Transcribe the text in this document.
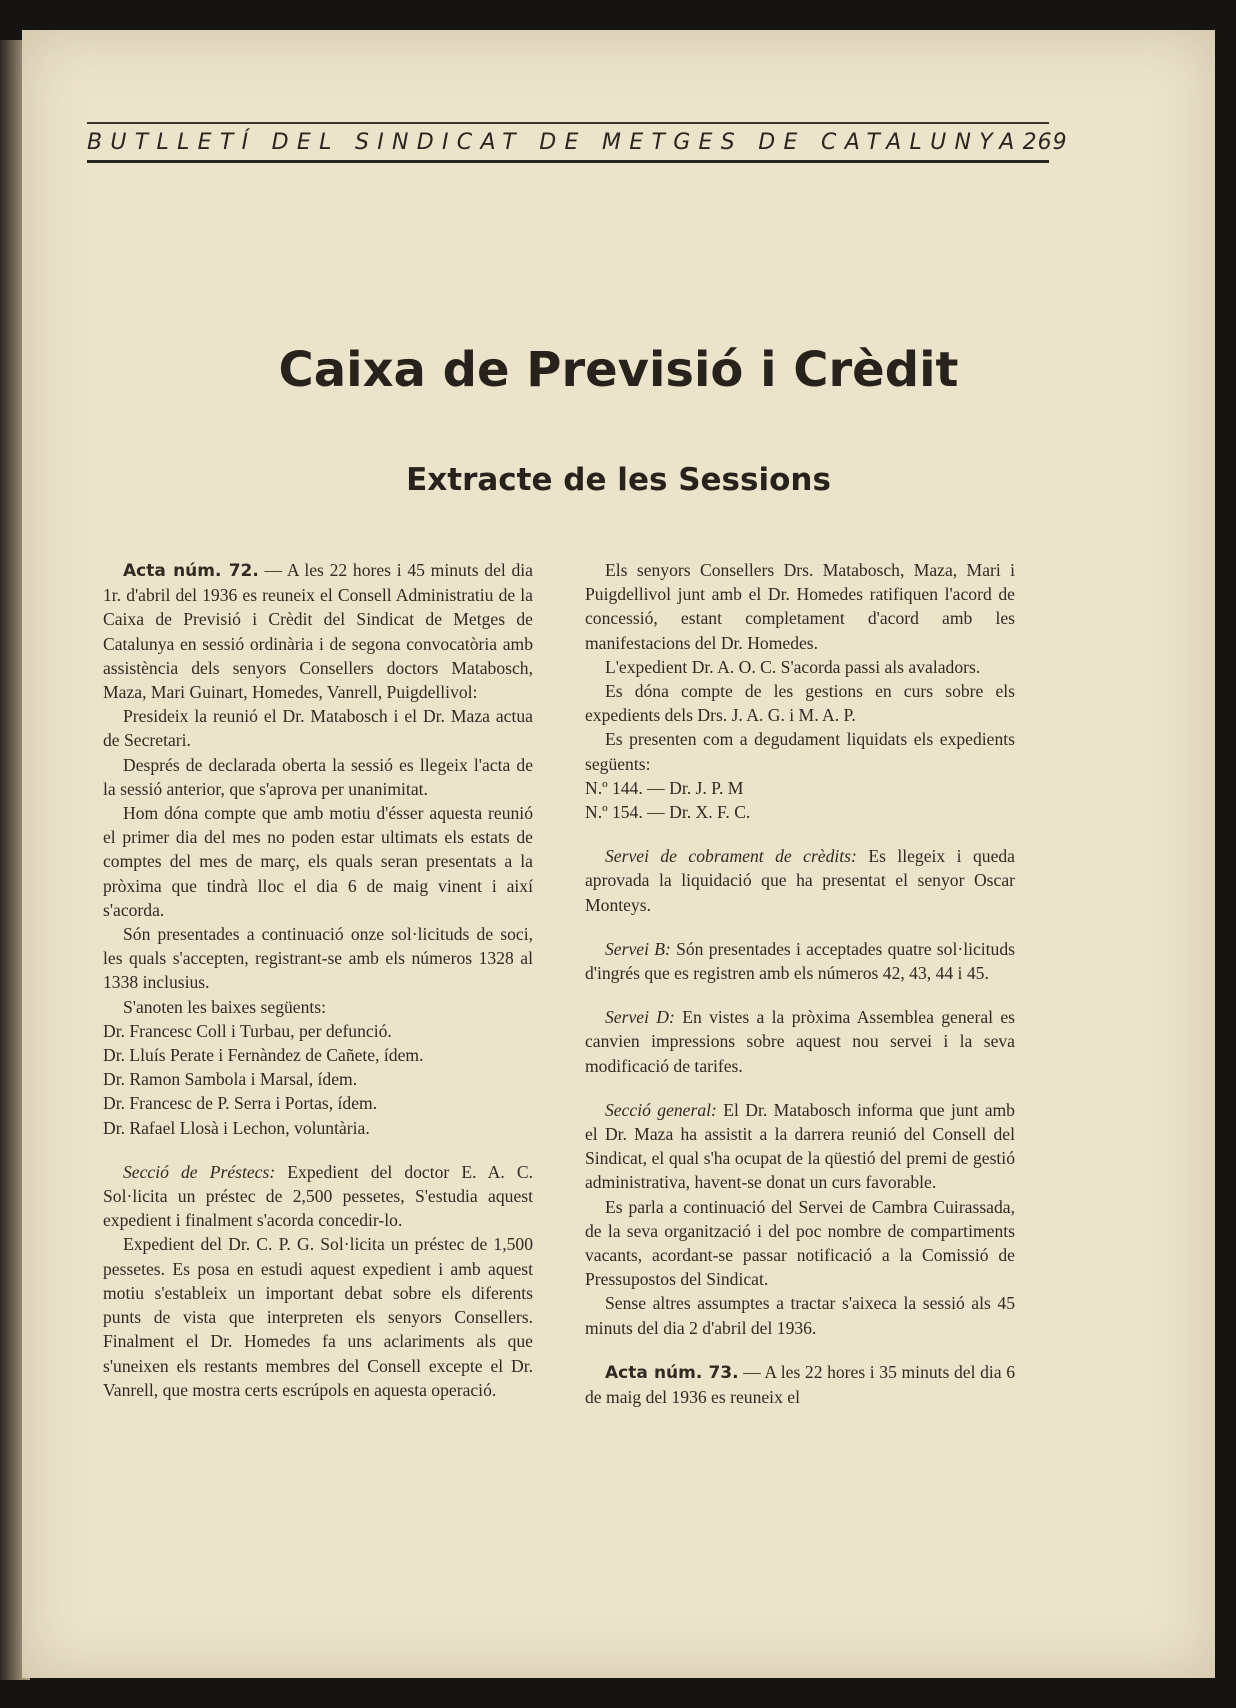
BUTLLETÍ DEL SINDICAT DE METGES DE CATALUNYA 269
Caixa de Previsió i Crèdit
Extracte de les Sessions

Acta núm. 72. — A les 22 hores i 45 minuts del dia 1r. d'abril del 1936 es reuneix el Consell Administratiu de la Caixa de Previsió i Crèdit del Sindicat de Metges de Catalunya en sessió ordinària i de segona convocatòria amb assistència dels senyors Consellers doctors Matabosch, Maza, Mari Guinart, Homedes, Vanrell, Puigdellivol:

Presideix la reunió el Dr. Matabosch i el Dr. Maza actua de Secretari.

Després de declarada oberta la sessió es llegeix l'acta de la sessió anterior, que s'aprova per unanimitat.

Hom dóna compte que amb motiu d'ésser aquesta reunió el primer dia del mes no poden estar ultimats els estats de comptes del mes de març, els quals seran presentats a la pròxima que tindrà lloc el dia 6 de maig vinent i així s'acorda.

Són presentades a continuació onze sol·licituds de soci, les quals s'accepten, registrant-se amb els números 1328 al 1338 inclusius.

S'anoten les baixes següents:

Dr. Francesc Coll i Turbau, per defunció.

Dr. Lluís Perate i Fernàndez de Cañete, ídem.

Dr. Ramon Sambola i Marsal, ídem.

Dr. Francesc de P. Serra i Portas, ídem.

Dr. Rafael Llosà i Lechon, voluntària.

Secció de Préstecs: Expedient del doctor E. A. C. Sol·licita un préstec de 2,500 pessetes, S'estudia aquest expedient i finalment s'acorda concedir-lo.

Expedient del Dr. C. P. G. Sol·licita un préstec de 1,500 pessetes. Es posa en estudi aquest expedient i amb aquest motiu s'estableix un important debat sobre els diferents punts de vista que interpreten els senyors Consellers. Finalment el Dr. Homedes fa uns aclariments als que s'uneixen els restants membres del Consell excepte el Dr. Vanrell, que mostra certs escrúpols en aquesta operació.

Els senyors Consellers Drs. Matabosch, Maza, Mari i Puigdellivol junt amb el Dr. Homedes ratifiquen l'acord de concessió, estant completament d'acord amb les manifestacions del Dr. Homedes.

L'expedient Dr. A. O. C. S'acorda passi als avaladors.

Es dóna compte de les gestions en curs sobre els expedients dels Drs. J. A. G. i M. A. P.

Es presenten com a degudament liquidats els expedients següents:

N.º 144. — Dr. J. P. M

N.º 154. — Dr. X. F. C.

Servei de cobrament de crèdits: Es llegeix i queda aprovada la liquidació que ha presentat el senyor Oscar Monteys.

Servei B: Són presentades i acceptades quatre sol·licituds d'ingrés que es registren amb els números 42, 43, 44 i 45.

Servei D: En vistes a la pròxima Assemblea general es canvien impressions sobre aquest nou servei i la seva modificació de tarifes.

Secció general: El Dr. Matabosch informa que junt amb el Dr. Maza ha assistit a la darrera reunió del Consell del Sindicat, el qual s'ha ocupat de la qüestió del premi de gestió administrativa, havent-se donat un curs favorable.

Es parla a continuació del Servei de Cambra Cuirassada, de la seva organització i del poc nombre de compartiments vacants, acordant-se passar notificació a la Comissió de Pressupostos del Sindicat.

Sense altres assumptes a tractar s'aixeca la sessió als 45 minuts del dia 2 d'abril del 1936.

Acta núm. 73. — A les 22 hores i 35 minuts del dia 6 de maig del 1936 es reuneix el
